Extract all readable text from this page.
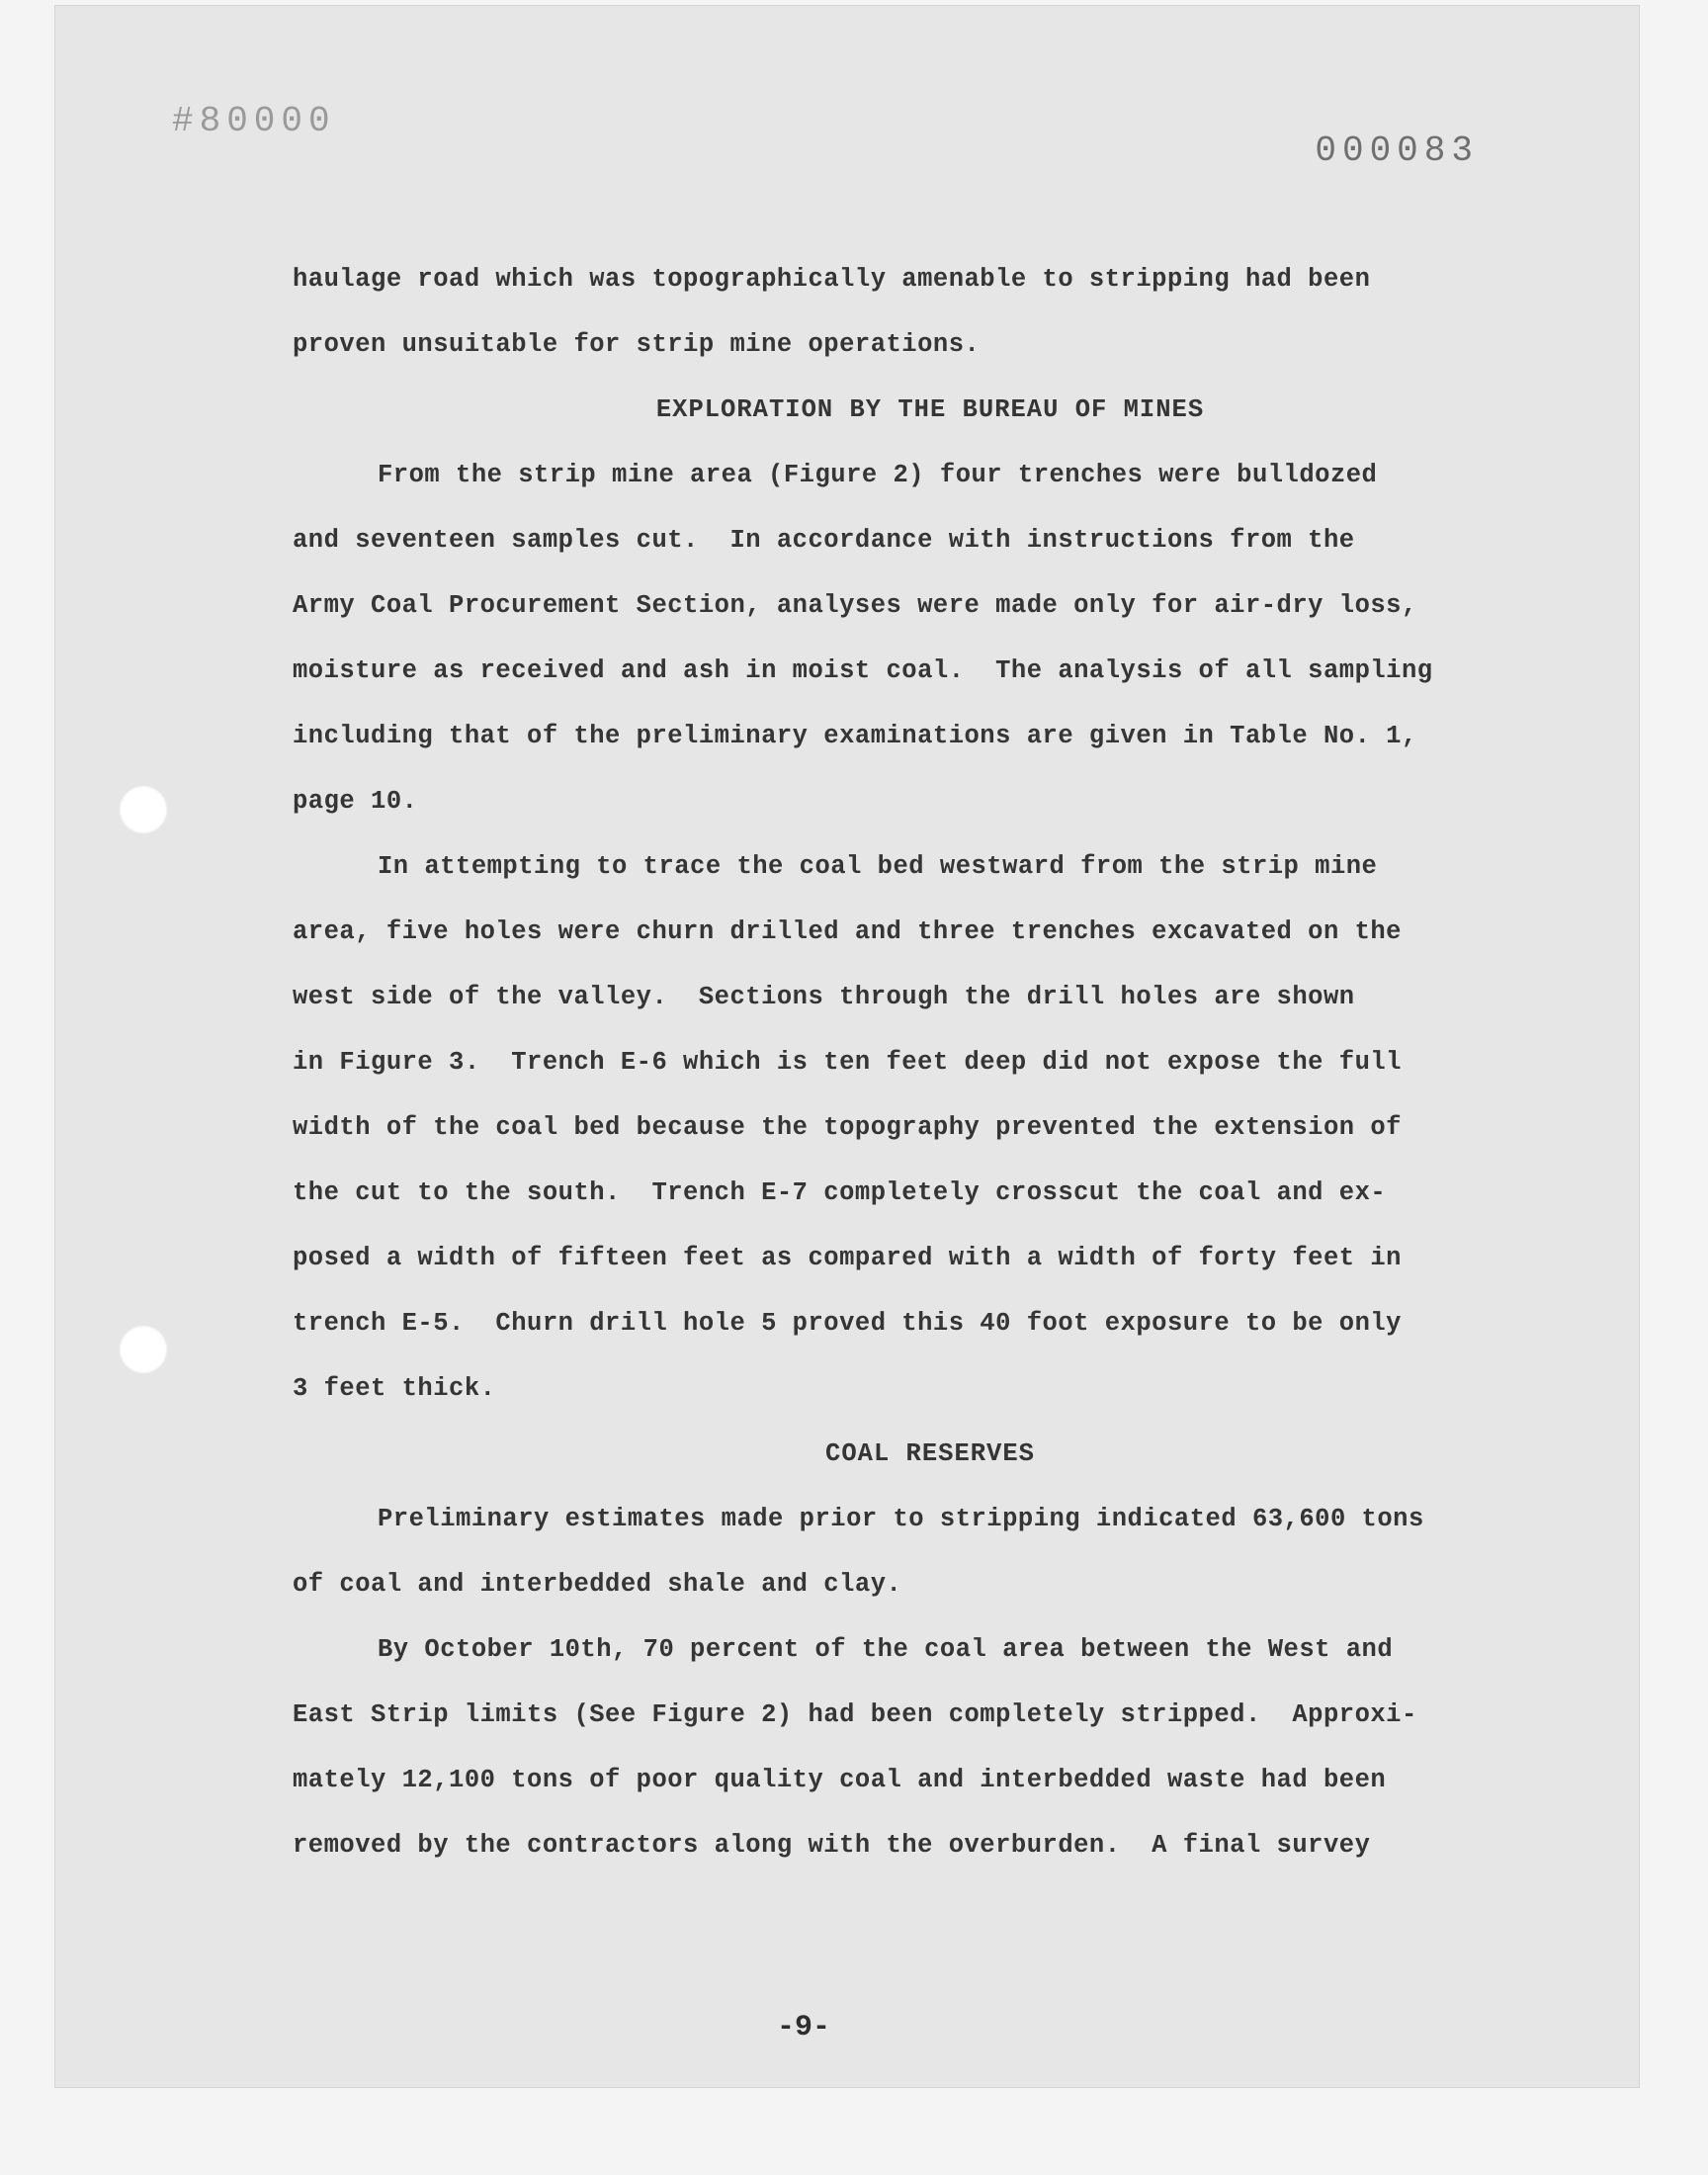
#80000
000083
haulage road which was topographically amenable to stripping had been
proven unsuitable for strip mine operations.
EXPLORATION BY THE BUREAU OF MINES
From the strip mine area (Figure 2) four trenches were bulldozed
and seventeen samples cut.  In accordance with instructions from the
Army Coal Procurement Section, analyses were made only for air-dry loss,
moisture as received and ash in moist coal.  The analysis of all sampling
including that of the preliminary examinations are given in Table No. 1,
page 10.
In attempting to trace the coal bed westward from the strip mine
area, five holes were churn drilled and three trenches excavated on the
west side of the valley.  Sections through the drill holes are shown
in Figure 3.  Trench E-6 which is ten feet deep did not expose the full
width of the coal bed because the topography prevented the extension of
the cut to the south.  Trench E-7 completely crosscut the coal and ex-
posed a width of fifteen feet as compared with a width of forty feet in
trench E-5.  Churn drill hole 5 proved this 40 foot exposure to be only
3 feet thick.
COAL RESERVES
Preliminary estimates made prior to stripping indicated 63,600 tons
of coal and interbedded shale and clay.
By October 10th, 70 percent of the coal area between the West and
East Strip limits (See Figure 2) had been completely stripped.  Approxi-
mately 12,100 tons of poor quality coal and interbedded waste had been
removed by the contractors along with the overburden.  A final survey
-9-
